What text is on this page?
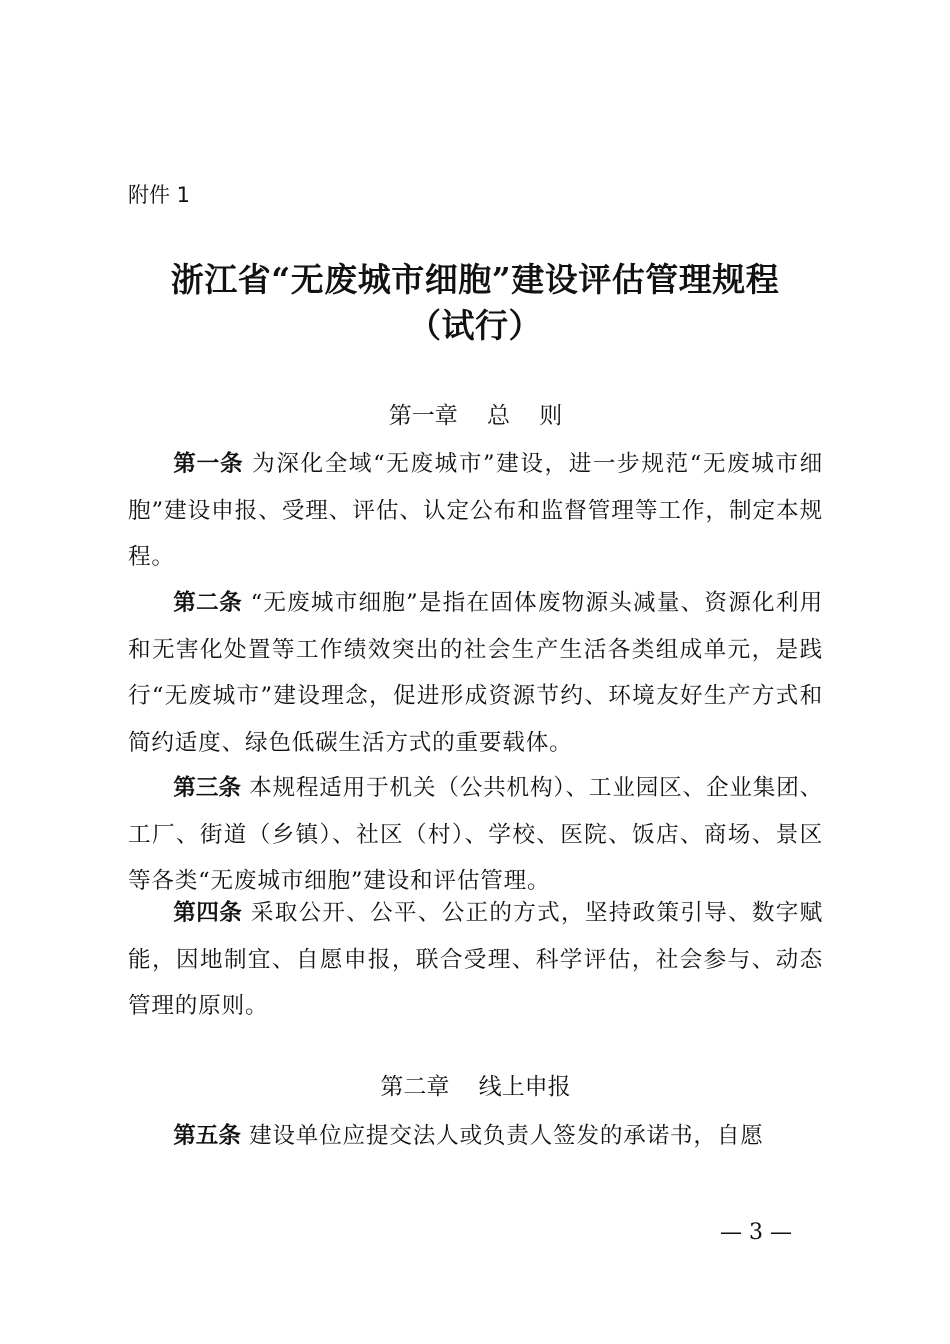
附件 1
浙江省“无废城市细胞”建设评估管理规程
（试行）
第一章    总    则

第一条 为深化全域“无废城市”建设，进一步规范“无废城市细胞”建设申报、受理、评估、认定公布和监督管理等工作，制定本规程。

第二条 “无废城市细胞”是指在固体废物源头减量、资源化利用和无害化处置等工作绩效突出的社会生产生活各类组成单元，是践行“无废城市”建设理念，促进形成资源节约、环境友好生产方式和简约适度、绿色低碳生活方式的重要载体。

第三条 本规程适用于机关（公共机构）、工业园区、企业集团、工厂、街道（乡镇）、社区（村）、学校、医院、饭店、商场、景区等各类“无废城市细胞”建设和评估管理。

第四条 采取公开、公平、公正的方式，坚持政策引导、数字赋能，因地制宜、自愿申报，联合受理、科学评估，社会参与、动态管理的原则。

第二章    线上申报

第五条 建设单位应提交法人或负责人签发的承诺书，自愿

— 3 —
